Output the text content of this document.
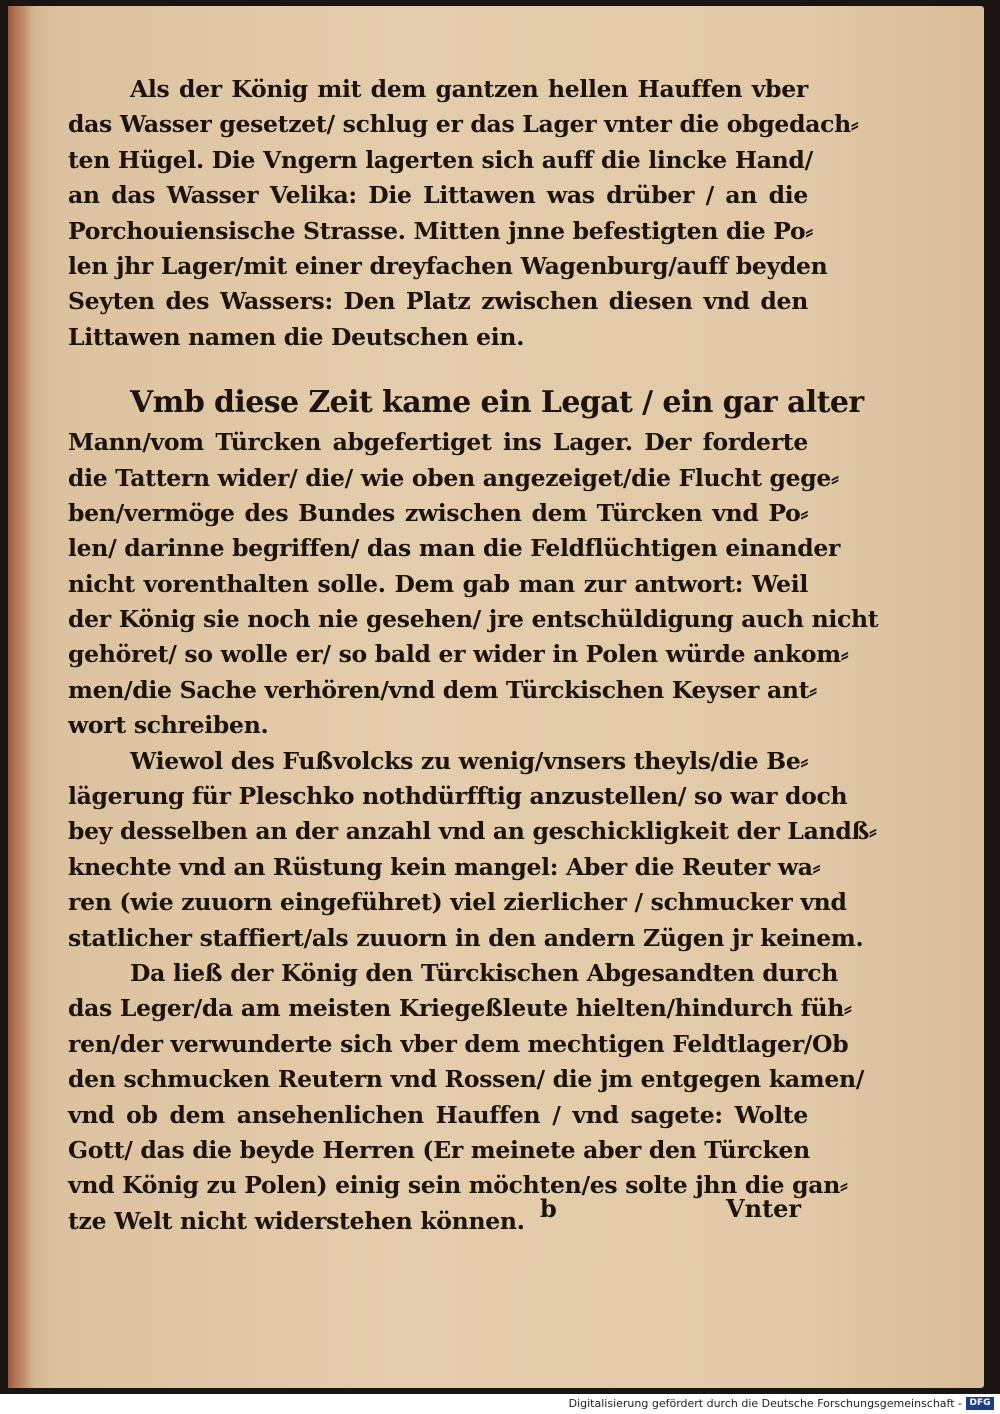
Als der König mit dem gantzen hellen Hauffen vber
das Wasser gesetzet/ schlug er das Lager vnter die obgedach⸗
ten Hügel. Die Vngern lagerten sich auff die lincke Hand/
an das Wasser Velika: Die Littawen was drüber / an die
Porchouiensische Strasse. Mitten jnne befestigten die Po⸗
len jhr Lager/mit einer dreyfachen Wagenburg/auff beyden
Seyten des Wassers: Den Platz zwischen diesen vnd den
Littawen namen die Deutschen ein.
Vmb diese Zeit kame ein Legat / ein gar alter
Mann/vom Türcken abgefertiget ins Lager. Der forderte
die Tattern wider/ die/ wie oben angezeiget/die Flucht gege⸗
ben/vermöge des Bundes zwischen dem Türcken vnd Po⸗
len/ darinne begriffen/ das man die Feldflüchtigen einander
nicht vorenthalten solle. Dem gab man zur antwort: Weil
der König sie noch nie gesehen/ jre entschüldigung auch nicht
gehöret/ so wolle er/ so bald er wider in Polen würde ankom⸗
men/die Sache verhören/vnd dem Türckischen Keyser ant⸗
wort schreiben.
Wiewol des Fußvolcks zu wenig/vnsers theyls/die Be⸗
lägerung für Pleschko nothdürfftig anzustellen/ so war doch
bey desselben an der anzahl vnd an geschickligkeit der Landß⸗
knechte vnd an Rüstung kein mangel: Aber die Reuter wa⸗
ren (wie zuuorn eingeführet) viel zierlicher / schmucker vnd
statlicher staffiert/als zuuorn in den andern Zügen jr keinem.
Da ließ der König den Türckischen Abgesandten durch
das Leger/da am meisten Kriegeßleute hielten/hindurch füh⸗
ren/der verwunderte sich vber dem mechtigen Feldtlager/Ob
den schmucken Reutern vnd Rossen/ die jm entgegen kamen/
vnd ob dem ansehenlichen Hauffen / vnd sagete: Wolte
Gott/ das die beyde Herren (Er meinete aber den Türcken
vnd König zu Polen) einig sein möchten/es solte jhn die gan⸗
tze Welt nicht widerstehen können. b	Vnter
Digitalisierung gefördert durch die Deutsche Forschungsgemeinschaft - DFG
